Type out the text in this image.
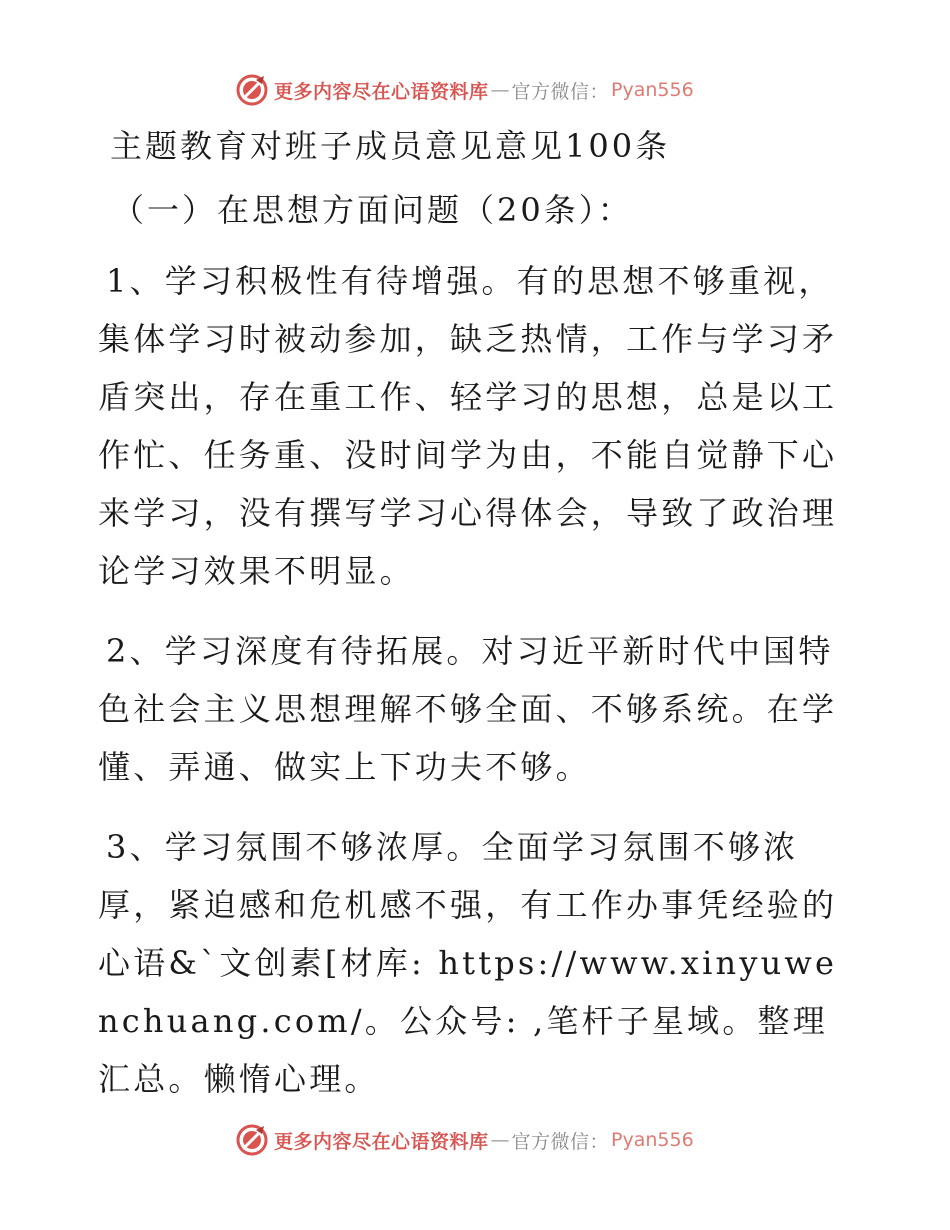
更多内容尽在心语资料库 — 官方微信： Pyan556
主题教育对班子成员意见意见100条
（一）在思想方面问题（20条）：

1、学习积极性有待增强。有的思想不够重视，集体学习时被动参加，缺乏热情，工作与学习矛盾突出，存在重工作、轻学习的思想，总是以工作忙、任务重、没时间学为由，不能自觉静下心来学习，没有撰写学习心得体会，导致了政治理论学习效果不明显。

2、学习深度有待拓展。对习近平新时代中国特色社会主义思想理解不够全面、不够系统。在学懂、弄通、做实上下功夫不够。

3、学习氛围不够浓厚。全面学习氛围不够浓厚，紧迫感和危机感不强，有工作办事凭经验的心语&`文创素[材库: https://www.xinyuwenchuang.com/。公众号: ,笔杆子星域。整理汇总。懒惰心理。

更多内容尽在心语资料库 — 官方微信： Pyan556
